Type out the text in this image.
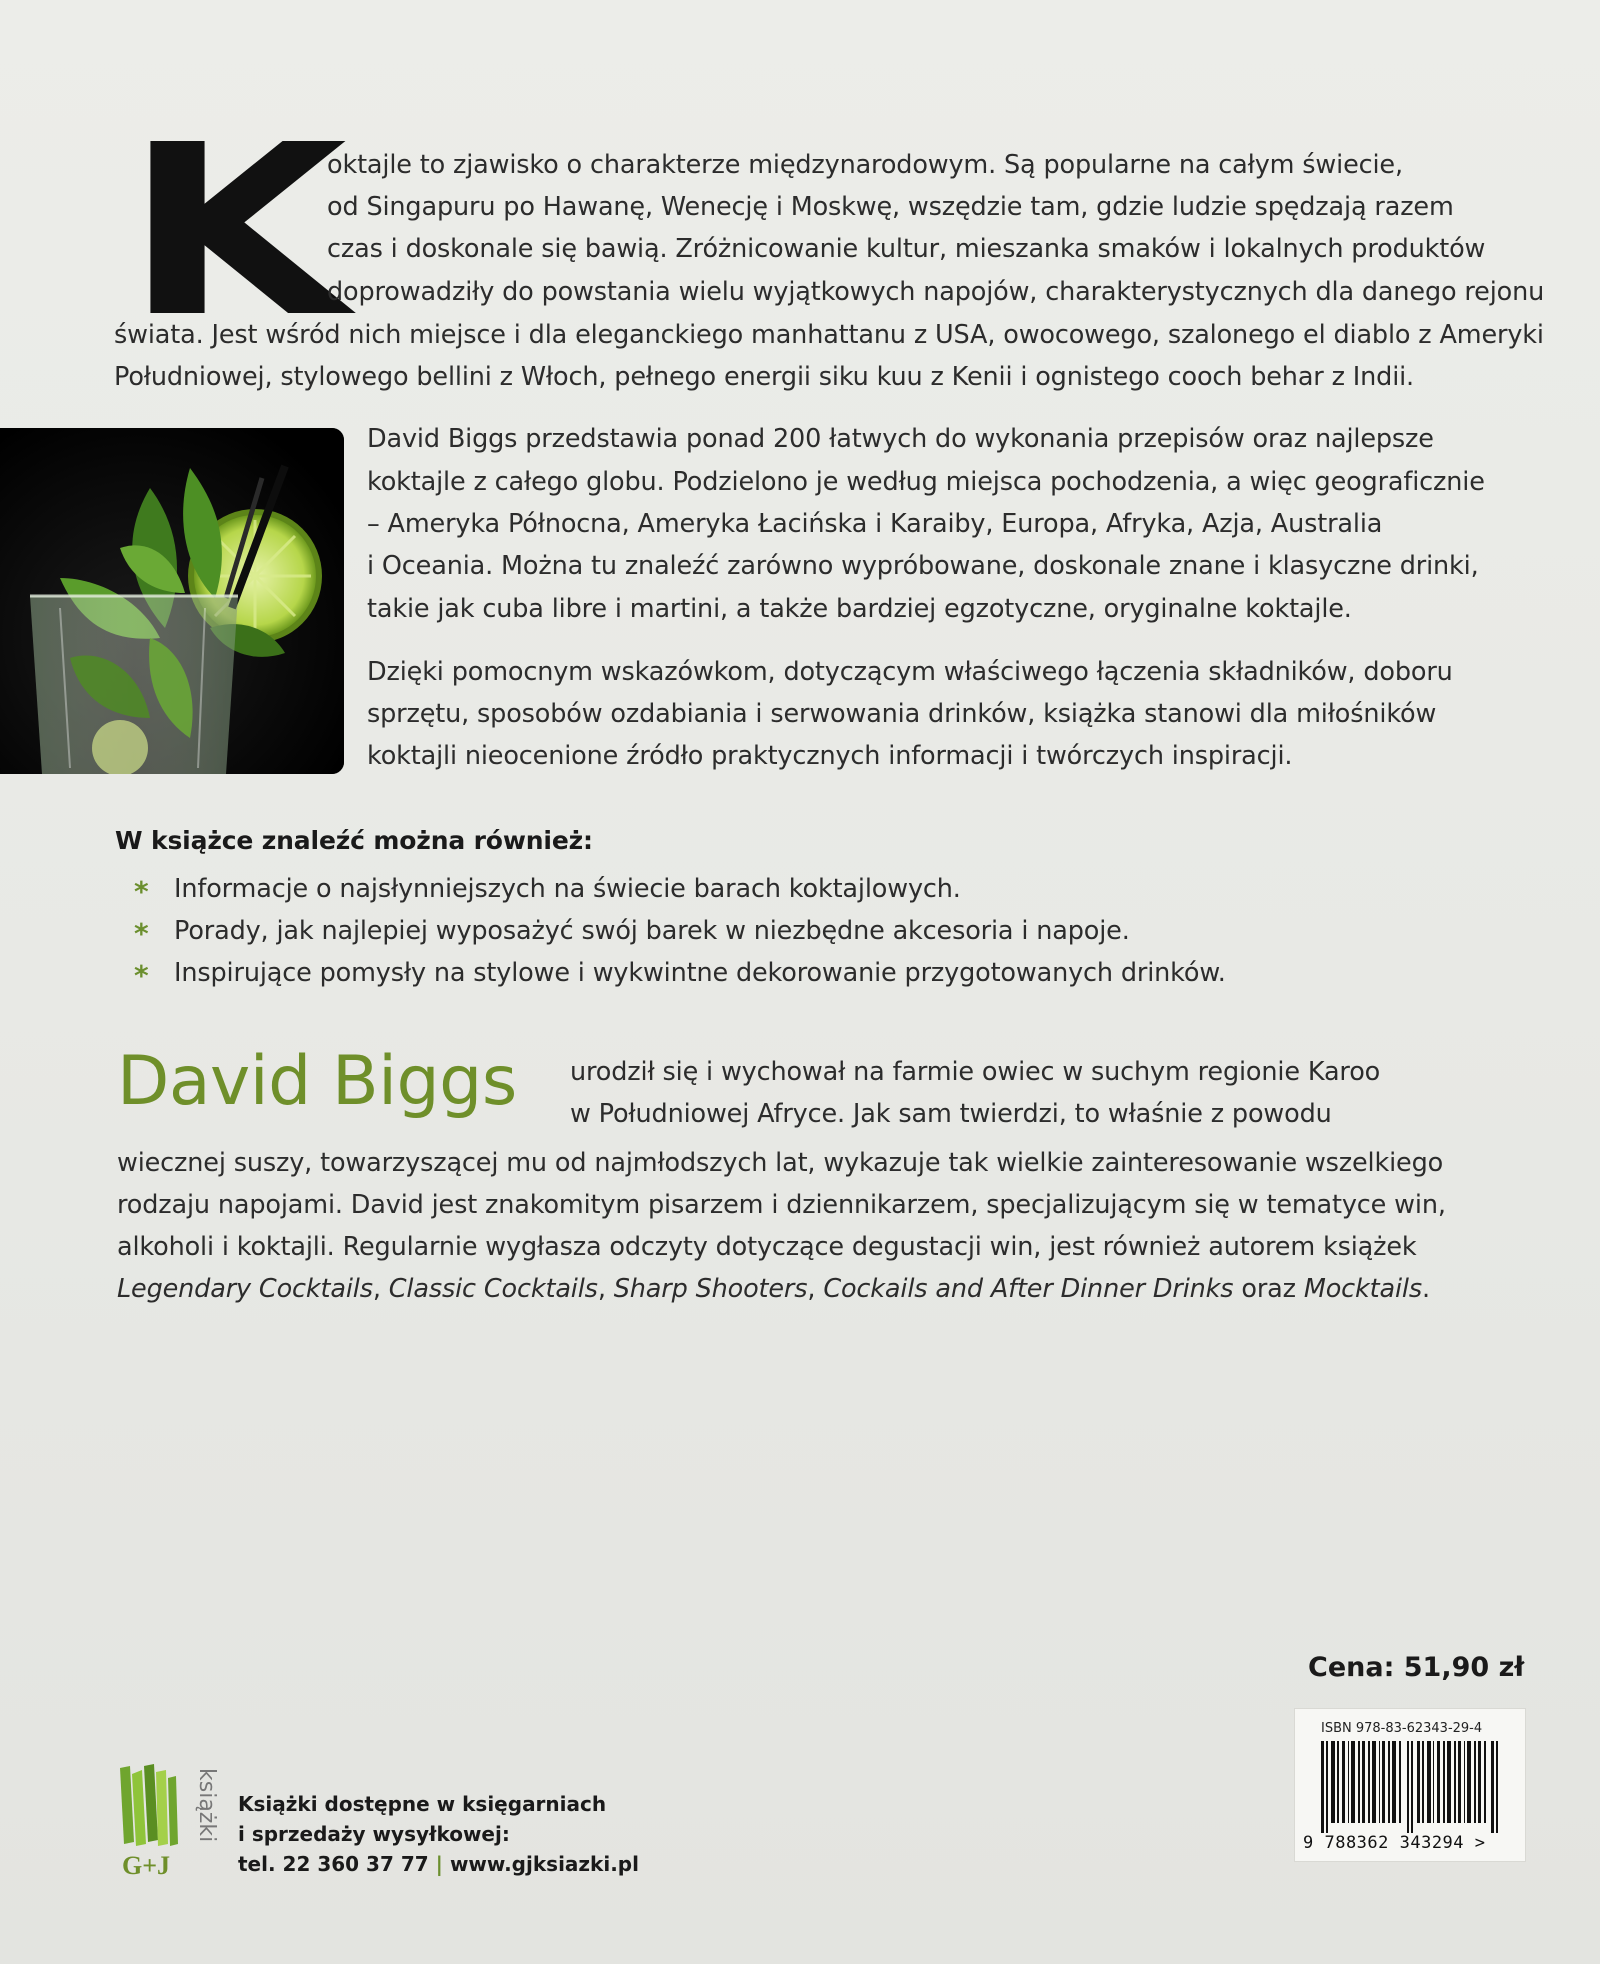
K
oktajle to zjawisko o charakterze międzynarodowym. Są popularne na całym świecie,
od Singapuru po Hawanę, Wenecję i Moskwę, wszędzie tam, gdzie ludzie spędzają razem
czas i doskonale się bawią. Zróżnicowanie kultur, mieszanka smaków i lokalnych produktów
doprowadziły do powstania wielu wyjątkowych napojów, charakterystycznych dla danego rejonu
świata. Jest wśród nich miejsce i dla eleganckiego manhattanu z USA, owocowego, szalonego el diablo z Ameryki
Południowej, stylowego bellini z Włoch, pełnego energii siku kuu z Kenii i ognistego cooch behar z Indii.
David Biggs przedstawia ponad 200 łatwych do wykonania przepisów oraz najlepsze
koktajle z całego globu. Podzielono je według miejsca pochodzenia, a więc geograficznie
– Ameryka Północna, Ameryka Łacińska i Karaiby, Europa, Afryka, Azja, Australia
i Oceania. Można tu znaleźć zarówno wypróbowane, doskonale znane i klasyczne drinki,
takie jak cuba libre i martini, a także bardziej egzotyczne, oryginalne koktajle.
Dzięki pomocnym wskazówkom, dotyczącym właściwego łączenia składników, doboru
sprzętu, sposobów ozdabiania i serwowania drinków, książka stanowi dla miłośników
koktajli nieocenione źródło praktycznych informacji i twórczych inspiracji.
W książce znaleźć można również:
* Informacje o najsłynniejszych na świecie barach koktajlowych.
* Porady, jak najlepiej wyposażyć swój barek w niezbędne akcesoria i napoje.
* Inspirujące pomysły na stylowe i wykwintne dekorowanie przygotowanych drinków.
David Biggs urodził się i wychował na farmie owiec w suchym regionie Karoo
w Południowej Afryce. Jak sam twierdzi, to właśnie z powodu
wiecznej suszy, towarzyszącej mu od najmłodszych lat, wykazuje tak wielkie zainteresowanie wszelkiego
rodzaju napojami. David jest znakomitym pisarzem i dziennikarzem, specjalizującym się w tematyce win,
alkoholi i koktajli. Regularnie wygłasza odczyty dotyczące degustacji win, jest również autorem książek
Legendary Cocktails, Classic Cocktails, Sharp Shooters, Cockails and After Dinner Drinks oraz Mocktails.
Cena: 51,90 zł
ISBN 978-83-62343-29-4
9 788362 343294 >
G+J
książki Książki dostępne w księgarniach
i sprzedaży wysyłkowej:
tel. 22 360 37 77 | www.gjksiazki.pl
